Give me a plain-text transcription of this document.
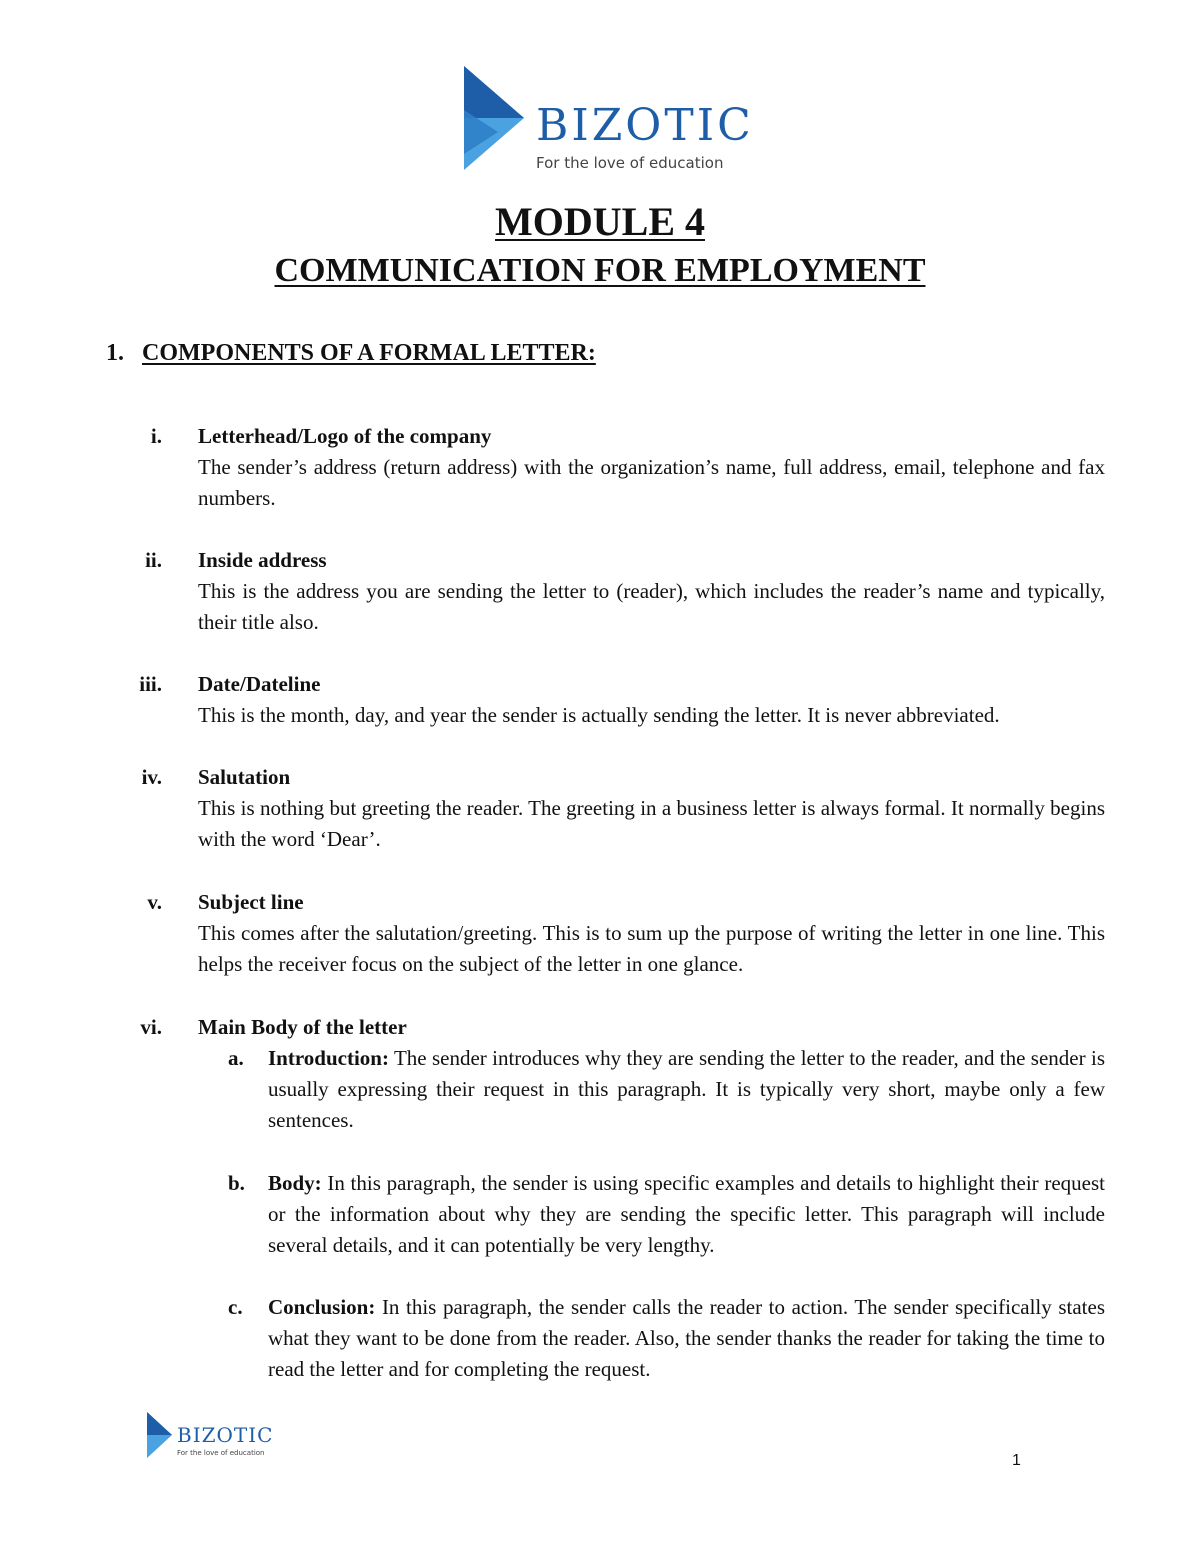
BIZOTIC
For the love of education
MODULE 4
COMMUNICATION FOR EMPLOYMENT
1. COMPONENTS OF A FORMAL LETTER:
i. Letterhead/Logo of the company
The sender’s address (return address) with the organization’s name, full address, email, telephone and fax numbers.
ii. Inside address
This is the address you are sending the letter to (reader), which includes the reader’s name and typically, their title also.
iii. Date/Dateline
This is the month, day, and year the sender is actually sending the letter. It is never abbreviated.
iv. Salutation
This is nothing but greeting the reader. The greeting in a business letter is always formal. It normally begins with the word ‘Dear’.
v. Subject line
This comes after the salutation/greeting. This is to sum up the purpose of writing the letter in one line. This helps the receiver focus on the subject of the letter in one glance.
vi. Main Body of the letter
a. Introduction: The sender introduces why they are sending the letter to the reader, and the sender is usually expressing their request in this paragraph. It is typically very short, maybe only a few sentences.
b. Body: In this paragraph, the sender is using specific examples and details to highlight their request or the information about why they are sending the specific letter. This paragraph will include several details, and it can potentially be very lengthy.
c. Conclusion: In this paragraph, the sender calls the reader to action. The sender specifically states what they want to be done from the reader. Also, the sender thanks the reader for taking the time to read the letter and for completing the request.
BIZOTIC
For the love of education	1
